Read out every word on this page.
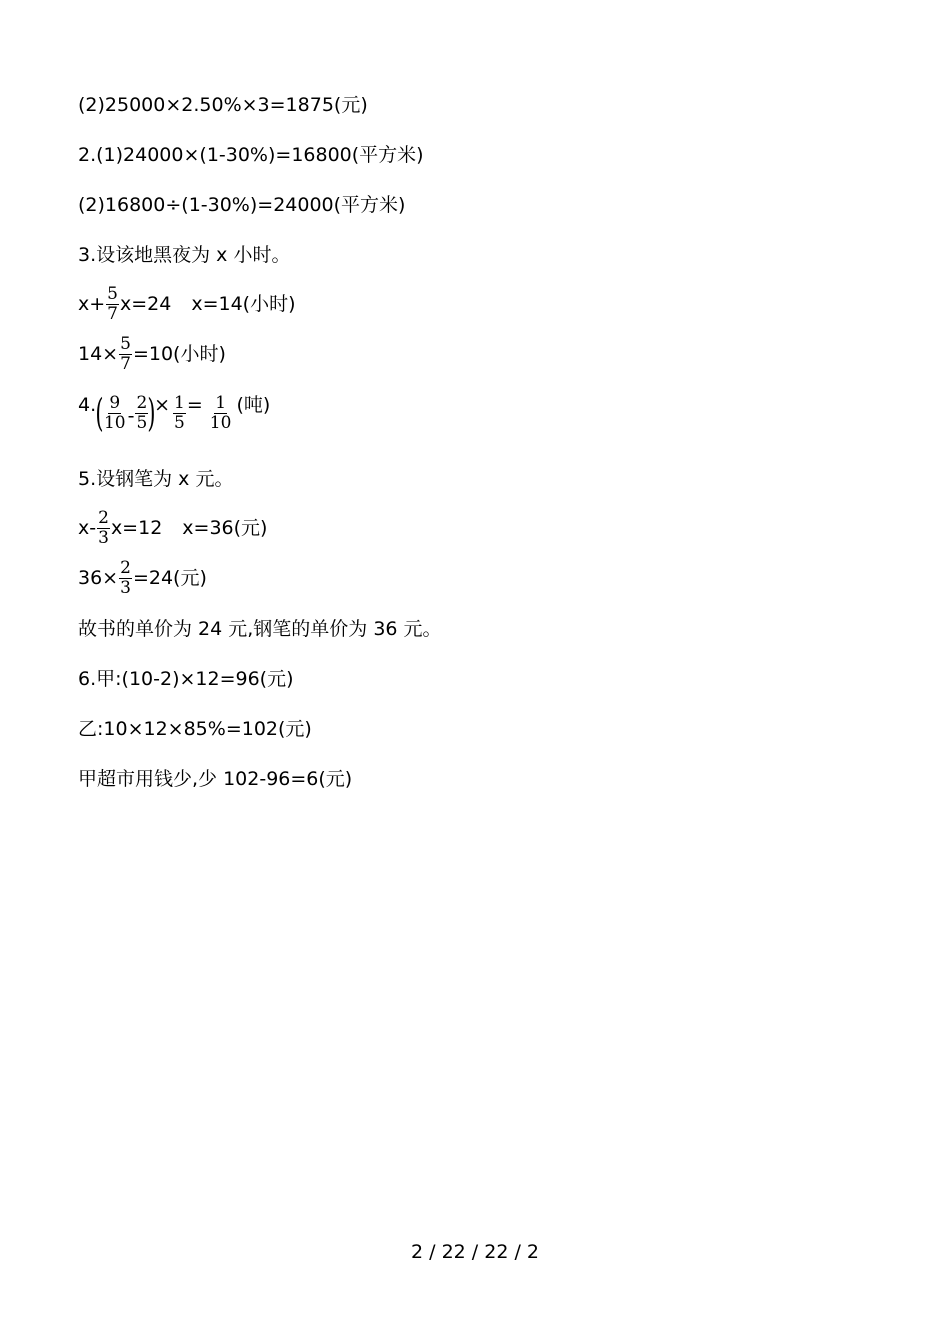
(2)25000×2.50%×3=1875(元)
2.(1)24000×(1-30%)=16800(平方米)
(2)16800÷(1-30%)=24000(平方米)
3.设该地黑夜为 x 小时。
$x+ \frac{5}{7} x=24$ x=14(小时)
$14\times \frac{5}{7} =10$(小时)
4. ( $\frac{9}{10} - \frac{2}{5}$ )
× $\frac{1}{5} = \frac{1}{10}$ (吨)
5.设钢笔为 x 元。
$x- \frac{2}{3} x=12$ x=36(元)
$36\times \frac{2}{3} =24$(元)
故书的单价为 24 元,钢笔的单价为 36 元。
6.甲:(10-2)×12=96(元)
乙:10×12×85%=102(元)
甲超市用钱少,少 102-96=6(元)
2 / 22 / 22 / 2
